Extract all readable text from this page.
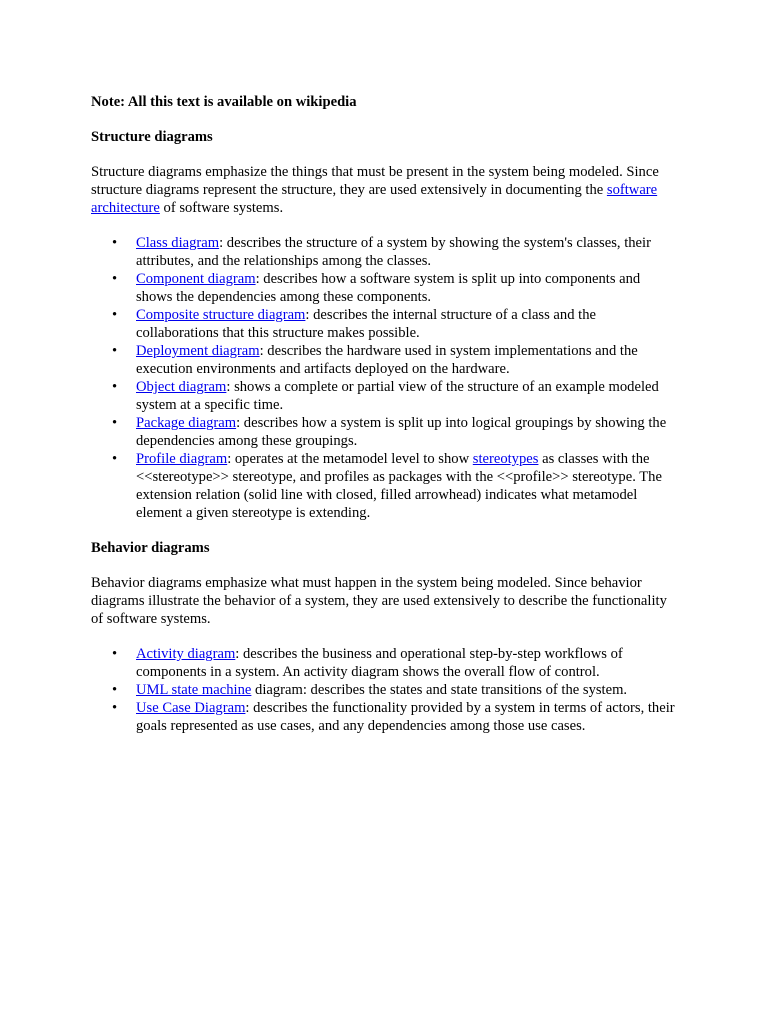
Note: All this text is available on wikipedia

Structure diagrams

Structure diagrams emphasize the things that must be present in the system being modeled. Since structure diagrams represent the structure, they are used extensively in documenting the software architecture of software systems.

• Class diagram: describes the structure of a system by showing the system's classes, their attributes, and the relationships among the classes.
• Component diagram: describes how a software system is split up into components and shows the dependencies among these components.
• Composite structure diagram: describes the internal structure of a class and the collaborations that this structure makes possible.
• Deployment diagram: describes the hardware used in system implementations and the execution environments and artifacts deployed on the hardware.
• Object diagram: shows a complete or partial view of the structure of an example modeled system at a specific time.
• Package diagram: describes how a system is split up into logical groupings by showing the dependencies among these groupings.
• Profile diagram: operates at the metamodel level to show stereotypes as classes with the <<stereotype>> stereotype, and profiles as packages with the <<profile>> stereotype. The extension relation (solid line with closed, filled arrowhead) indicates what metamodel element a given stereotype is extending.

Behavior diagrams

Behavior diagrams emphasize what must happen in the system being modeled. Since behavior diagrams illustrate the behavior of a system, they are used extensively to describe the functionality of software systems.

• Activity diagram: describes the business and operational step-by-step workflows of components in a system. An activity diagram shows the overall flow of control.
• UML state machine diagram: describes the states and state transitions of the system.
• Use Case Diagram: describes the functionality provided by a system in terms of actors, their goals represented as use cases, and any dependencies among those use cases.
